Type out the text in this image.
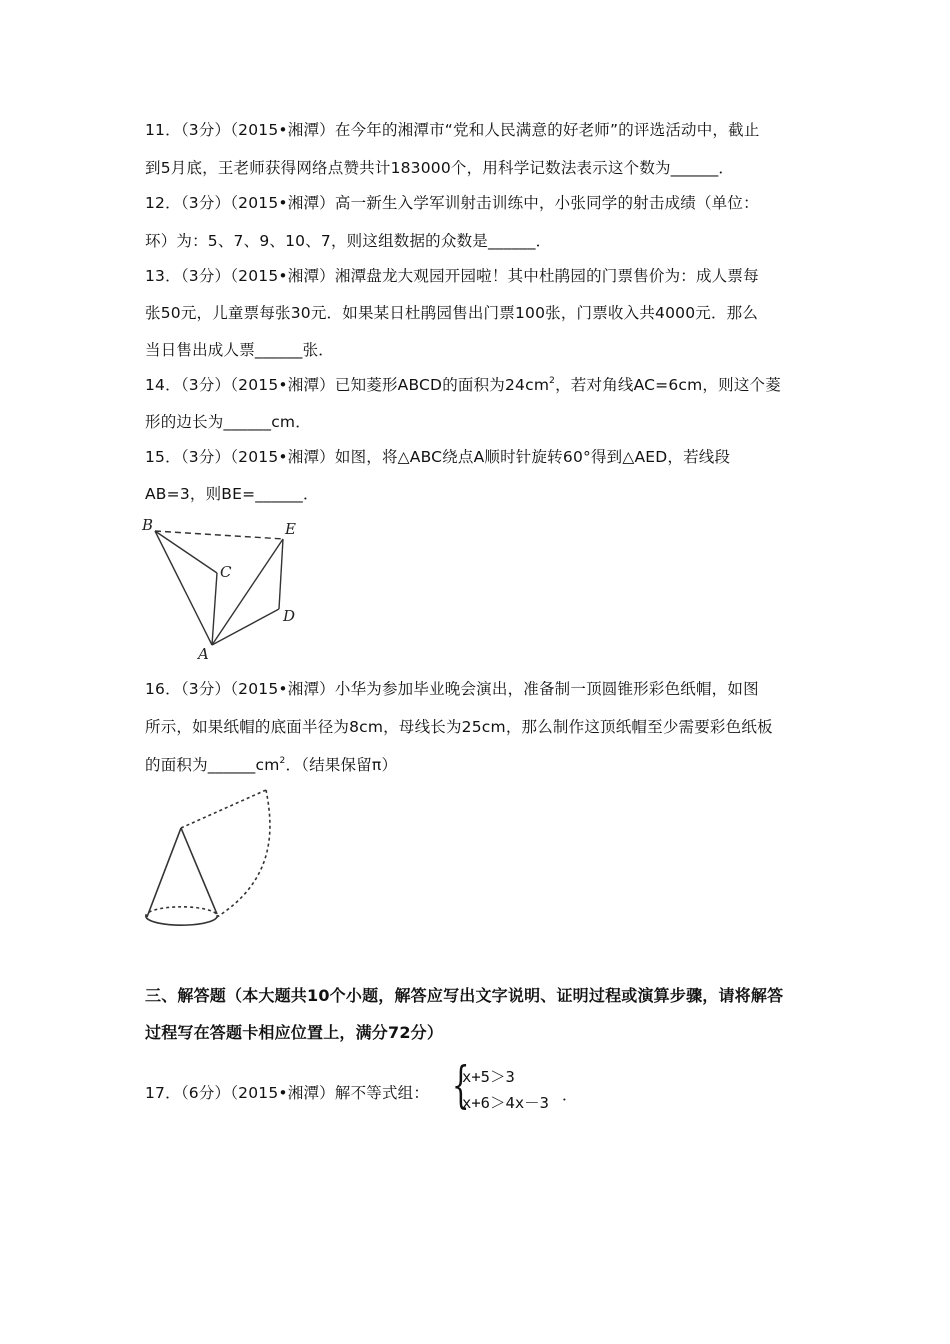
11．（3分）（2015•湘潭）在今年的湘潭市“党和人民满意的好老师”的评选活动中，截止
到5月底，王老师获得网络点赞共计183000个，用科学记数法表示这个数为______．
12．（3分）（2015•湘潭）高一新生入学军训射击训练中，小张同学的射击成绩（单位：
环）为：5、7、9、10、7，则这组数据的众数是______．
13．（3分）（2015•湘潭）湘潭盘龙大观园开园啦！其中杜鹃园的门票售价为：成人票每
张50元，儿童票每张30元．如果某日杜鹃园售出门票100张，门票收入共4000元．那么
当日售出成人票______张．
14．（3分）（2015•湘潭）已知菱形ABCD的面积为$24cm^2$，若对角线AC=6cm，则这个菱
形的边长为______cm．
15．（3分）（2015•湘潭）如图，将△ABC绕点A顺时针旋转60°得到△AED，若线段
AB=3，则BE=______．
B	E
C
D
A
16．（3分）（2015•湘潭）小华为参加毕业晚会演出，准备制一顶圆锥形彩色纸帽，如图
所示，如果纸帽的底面半径为8cm，母线长为25cm，那么制作这顶纸帽至少需要彩色纸板
的面积为$\_\_\_\_\_\_cm^2$．（结果保留π）
三、解答题（本大题共10个小题，解答应写出文字说明、证明过程或演算步骤，请将解答
过程写在答题卡相应位置上，满分72分）
17．（6分）（2015•湘潭）解不等式组： {
x+5＞3
x+6＞4x－3 ．
